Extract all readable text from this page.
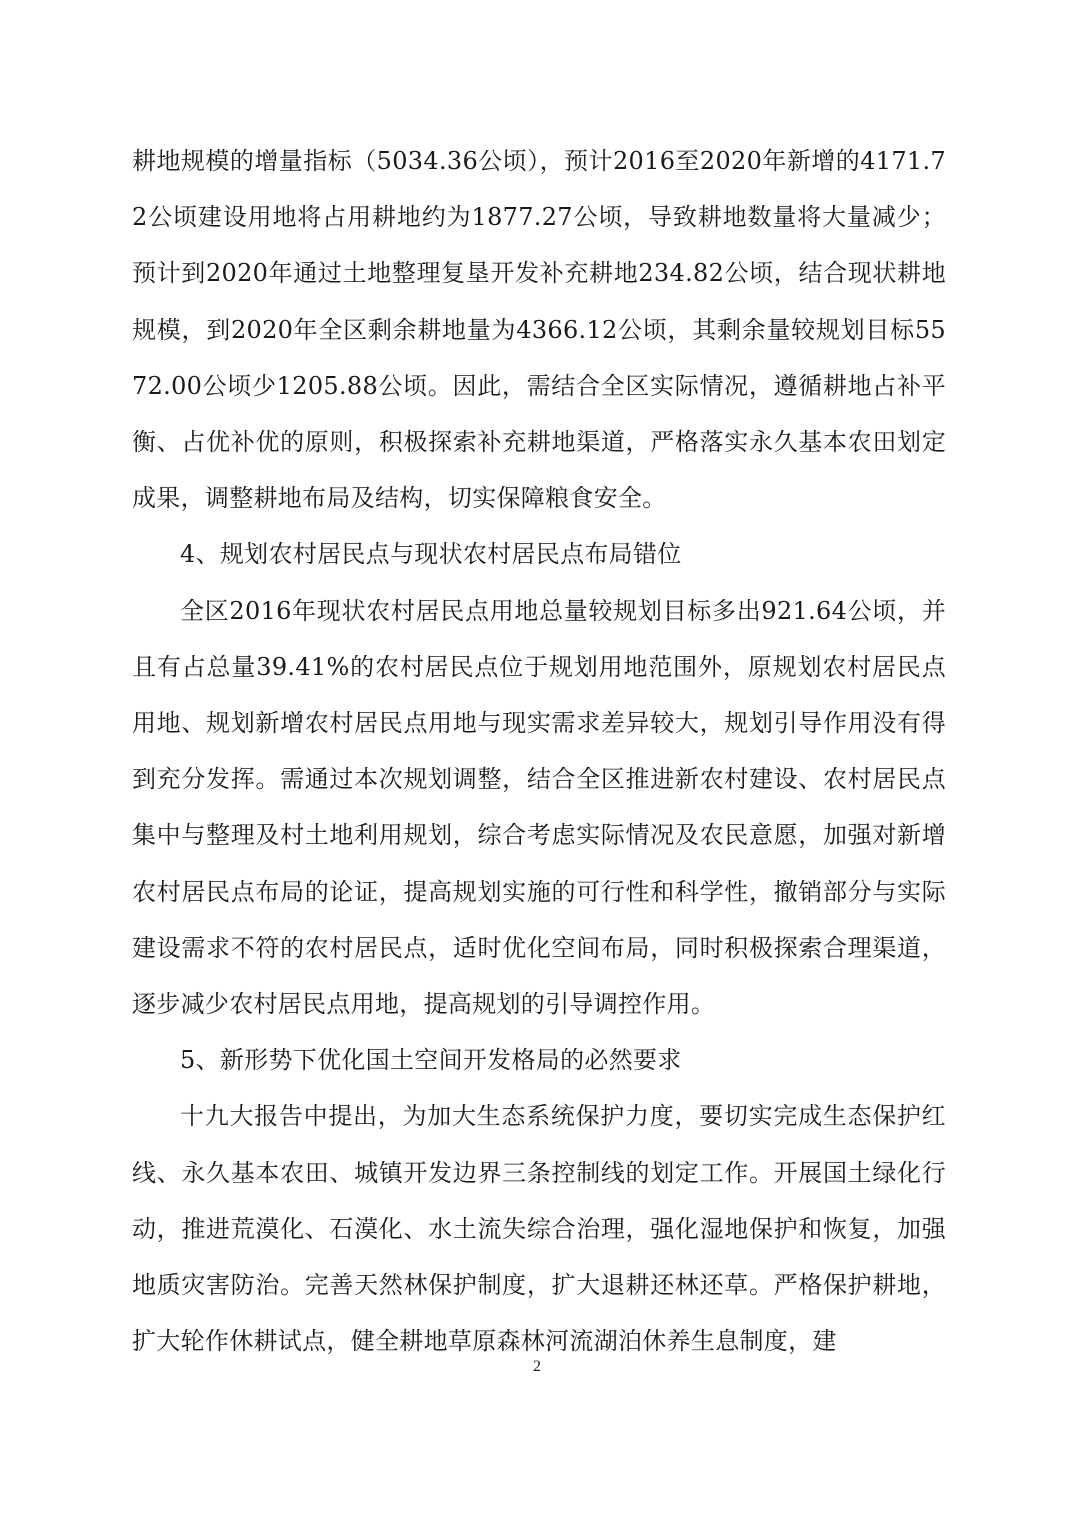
耕地规模的增量指标（5034.36公顷），预计2016至2020年新增的4171.72公顷建设用地将占用耕地约为1877.27公顷，导致耕地数量将大量减少；预计到2020年通过土地整理复垦开发补充耕地234.82公顷，结合现状耕地规模，到2020年全区剩余耕地量为4366.12公顷，其剩余量较规划目标5572.00公顷少1205.88公顷。因此，需结合全区实际情况，遵循耕地占补平衡、占优补优的原则，积极探索补充耕地渠道，严格落实永久基本农田划定成果，调整耕地布局及结构，切实保障粮食安全。

4、规划农村居民点与现状农村居民点布局错位

全区2016年现状农村居民点用地总量较规划目标多出921.64公顷，并且有占总量39.41%的农村居民点位于规划用地范围外，原规划农村居民点用地、规划新增农村居民点用地与现实需求差异较大，规划引导作用没有得到充分发挥。需通过本次规划调整，结合全区推进新农村建设、农村居民点集中与整理及村土地利用规划，综合考虑实际情况及农民意愿，加强对新增农村居民点布局的论证，提高规划实施的可行性和科学性，撤销部分与实际建设需求不符的农村居民点，适时优化空间布局，同时积极探索合理渠道，逐步减少农村居民点用地，提高规划的引导调控作用。

5、新形势下优化国土空间开发格局的必然要求

十九大报告中提出，为加大生态系统保护力度，要切实完成生态保护红线、永久基本农田、城镇开发边界三条控制线的划定工作。开展国土绿化行动，推进荒漠化、石漠化、水土流失综合治理，强化湿地保护和恢复，加强地质灾害防治。完善天然林保护制度，扩大退耕还林还草。严格保护耕地，扩大轮作休耕试点，健全耕地草原森林河流湖泊休养生息制度，建

2
